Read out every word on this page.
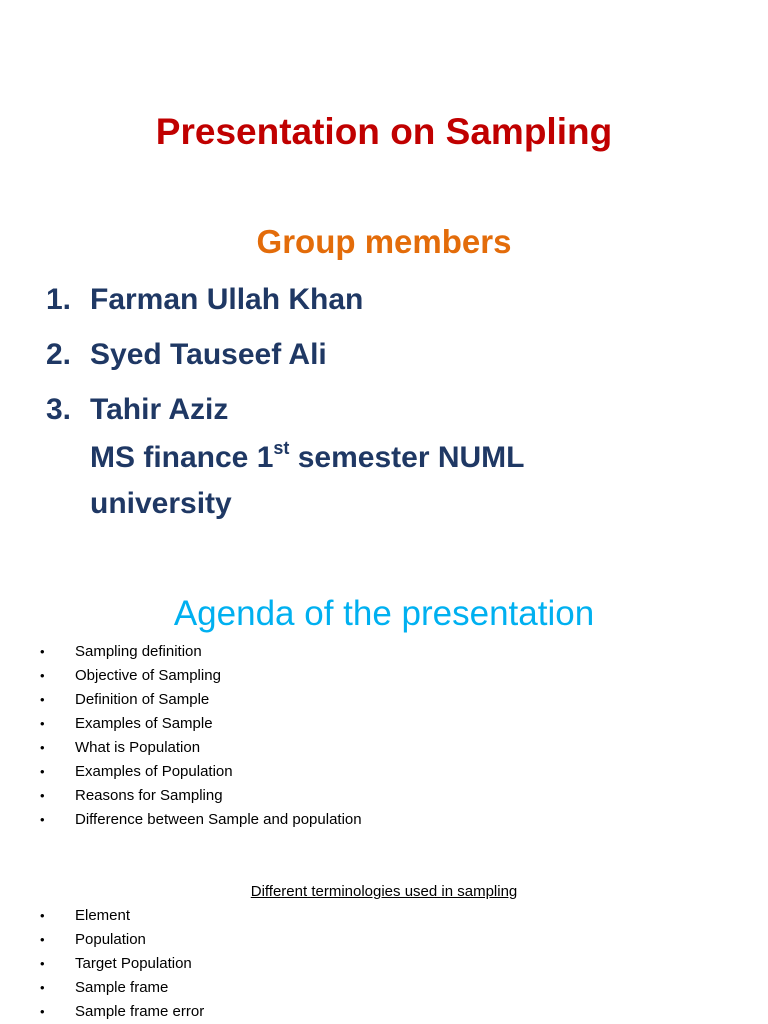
Presentation on Sampling
Group members
1. Farman Ullah Khan
2. Syed Tauseef Ali
3. Tahir Aziz
MS finance 1st semester NUML
university
Agenda of the presentation
•	Sampling definition
•	Objective of Sampling
•	Definition of Sample
•	Examples of Sample
•	What is Population
•	Examples of Population
•	Reasons for Sampling
•	Difference between Sample and population
Different terminologies used in sampling
•	Element
•	Population
•	Target Population
•	Sample frame
•	Sample frame error
